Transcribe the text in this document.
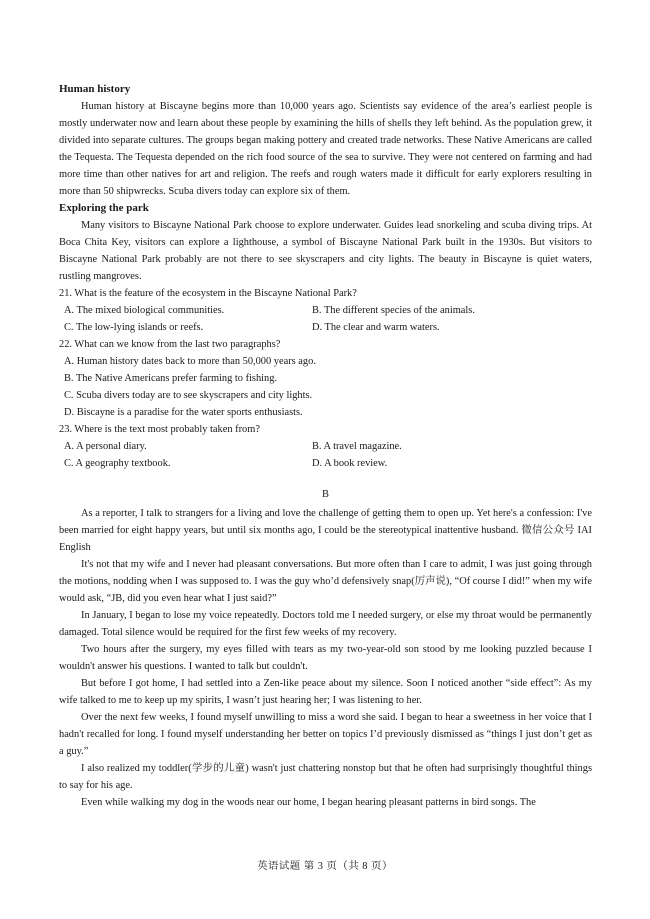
Human history

Human history at Biscayne begins more than 10,000 years ago. Scientists say evidence of the area’s earliest people is mostly underwater now and learn about these people by examining the hills of shells they left behind. As the population grew, it divided into separate cultures. The groups began making pottery and created trade networks. These Native Americans are called the Tequesta. The Tequesta depended on the rich food source of the sea to survive. They were not centered on farming and had more time than other natives for art and religion. The reefs and rough waters made it difficult for early explorers resulting in more than 50 shipwrecks. Scuba divers today can explore six of them.

Exploring the park

Many visitors to Biscayne National Park choose to explore underwater. Guides lead snorkeling and scuba diving trips. At Boca Chita Key, visitors can explore a lighthouse, a symbol of Biscayne National Park built in the 1930s. But visitors to Biscayne National Park probably are not there to see skyscrapers and city lights. The beauty in Biscayne is quiet waters, rustling mangroves.

21. What is the feature of the ecosystem in the Biscayne National Park?

A. The mixed biological communities.	B. The different species of the animals.
C. The low-lying islands or reefs.	D. The clear and warm waters.

22. What can we know from the last two paragraphs?

A. Human history dates back to more than 50,000 years ago.
B. The Native Americans prefer farming to fishing.
C. Scuba divers today are to see skyscrapers and city lights.
D. Biscayne is a paradise for the water sports enthusiasts.

23. Where is the text most probably taken from?

A. A personal diary.	B. A travel magazine.
C. A geography textbook.	D. A book review.
B

As a reporter, I talk to strangers for a living and love the challenge of getting them to open up. Yet here's a confession: I've been married for eight happy years, but until six months ago, I could be the stereotypical inattentive husband. 微信公众号 IAI English

It's not that my wife and I never had pleasant conversations. But more often than I care to admit, I was just going through the motions, nodding when I was supposed to. I was the guy who’d defensively snap(厉声说), “Of course I did!” when my wife would ask, “JB, did you even hear what I just said?”

In January, I began to lose my voice repeatedly. Doctors told me I needed surgery, or else my throat would be permanently damaged. Total silence would be required for the first few weeks of my recovery.

Two hours after the surgery, my eyes filled with tears as my two-year-old son stood by me looking puzzled because I wouldn't answer his questions. I wanted to talk but couldn't.

But before I got home, I had settled into a Zen-like peace about my silence. Soon I noticed another “side effect”: As my wife talked to me to keep up my spirits, I wasn’t just hearing her; I was listening to her.

Over the next few weeks, I found myself unwilling to miss a word she said. I began to hear a sweetness in her voice that I hadn't recalled for long. I found myself understanding her better on topics I’d previously dismissed as “things I just don’t get as a guy.”

I also realized my toddler(学步的儿童) wasn't just chattering nonstop but that he often had surprisingly thoughtful things to say for his age.

Even while walking my dog in the woods near our home, I began hearing pleasant patterns in bird songs. The

英语试题 第 3 页（共 8 页）
